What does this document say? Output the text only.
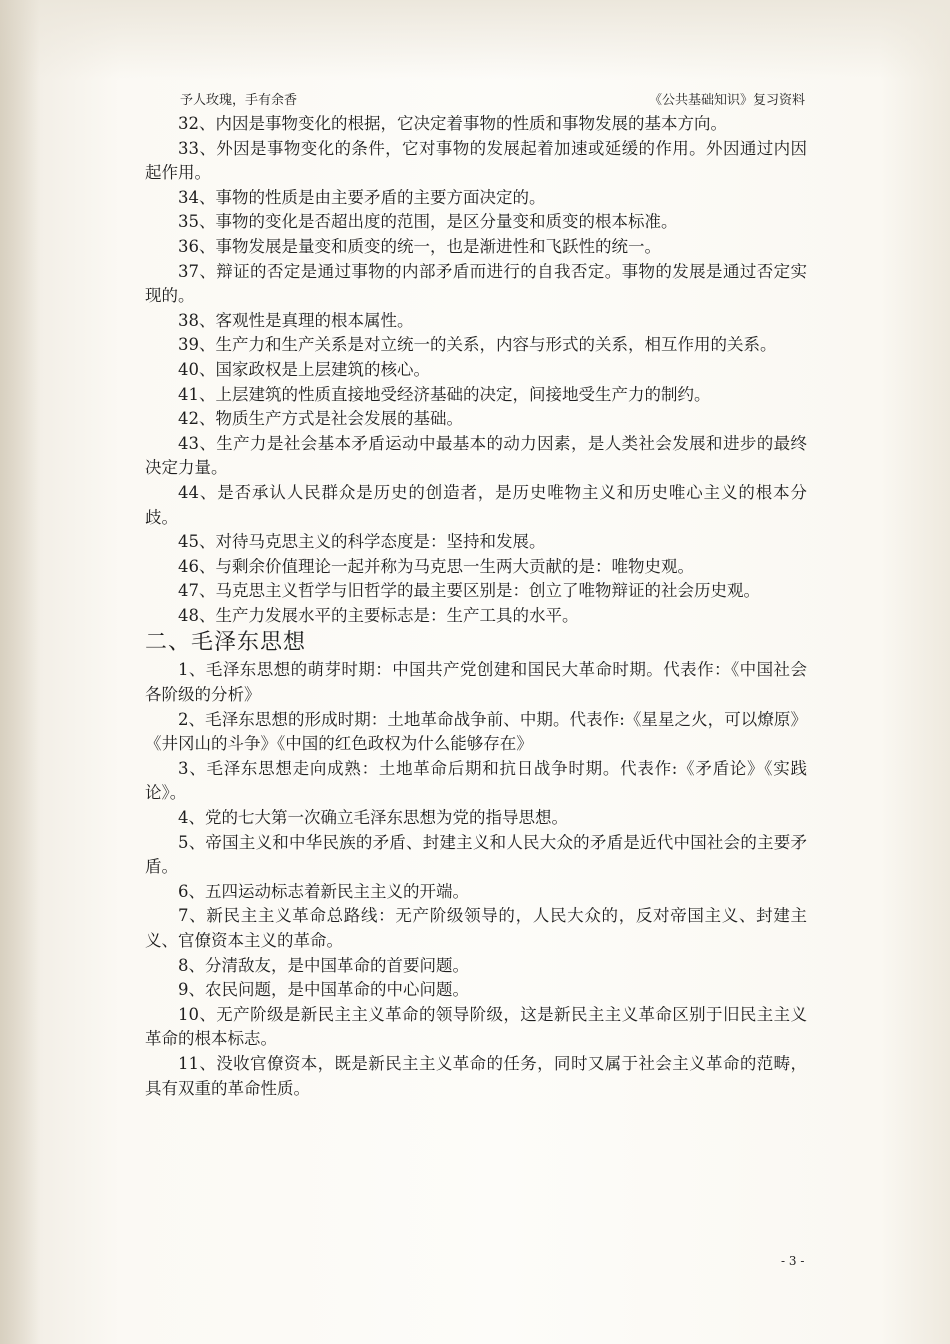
予人玫瑰，手有余香	《公共基础知识》复习资料

32、内因是事物变化的根据，它决定着事物的性质和事物发展的基本方向。

33、外因是事物变化的条件，它对事物的发展起着加速或延缓的作用。外因通过内因起作用。

34、事物的性质是由主要矛盾的主要方面决定的。

35、事物的变化是否超出度的范围，是区分量变和质变的根本标准。

36、事物发展是量变和质变的统一，也是渐进性和飞跃性的统一。

37、辩证的否定是通过事物的内部矛盾而进行的自我否定。事物的发展是通过否定实现的。

38、客观性是真理的根本属性。

39、生产力和生产关系是对立统一的关系，内容与形式的关系，相互作用的关系。

40、国家政权是上层建筑的核心。

41、上层建筑的性质直接地受经济基础的决定，间接地受生产力的制约。

42、物质生产方式是社会发展的基础。

43、生产力是社会基本矛盾运动中最基本的动力因素，是人类社会发展和进步的最终决定力量。

44、是否承认人民群众是历史的创造者，是历史唯物主义和历史唯心主义的根本分歧。

45、对待马克思主义的科学态度是：坚持和发展。

46、与剩余价值理论一起并称为马克思一生两大贡献的是：唯物史观。

47、马克思主义哲学与旧哲学的最主要区别是：创立了唯物辩证的社会历史观。

48、生产力发展水平的主要标志是：生产工具的水平。

二、毛泽东思想

1、毛泽东思想的萌芽时期：中国共产党创建和国民大革命时期。代表作：《中国社会各阶级的分析》

2、毛泽东思想的形成时期：土地革命战争前、中期。代表作:《星星之火，可以燎原》《井冈山的斗争》《中国的红色政权为什么能够存在》

3、毛泽东思想走向成熟：土地革命后期和抗日战争时期。代表作:《矛盾论》《实践论》。

4、党的七大第一次确立毛泽东思想为党的指导思想。

5、帝国主义和中华民族的矛盾、封建主义和人民大众的矛盾是近代中国社会的主要矛盾。

6、五四运动标志着新民主主义的开端。

7、新民主主义革命总路线：无产阶级领导的，人民大众的，反对帝国主义、封建主义、官僚资本主义的革命。

8、分清敌友，是中国革命的首要问题。

9、农民问题，是中国革命的中心问题。

10、无产阶级是新民主主义革命的领导阶级，这是新民主主义革命区别于旧民主主义革命的根本标志。

11、没收官僚资本，既是新民主主义革命的任务，同时又属于社会主义革命的范畴，具有双重的革命性质。

- 3 -
